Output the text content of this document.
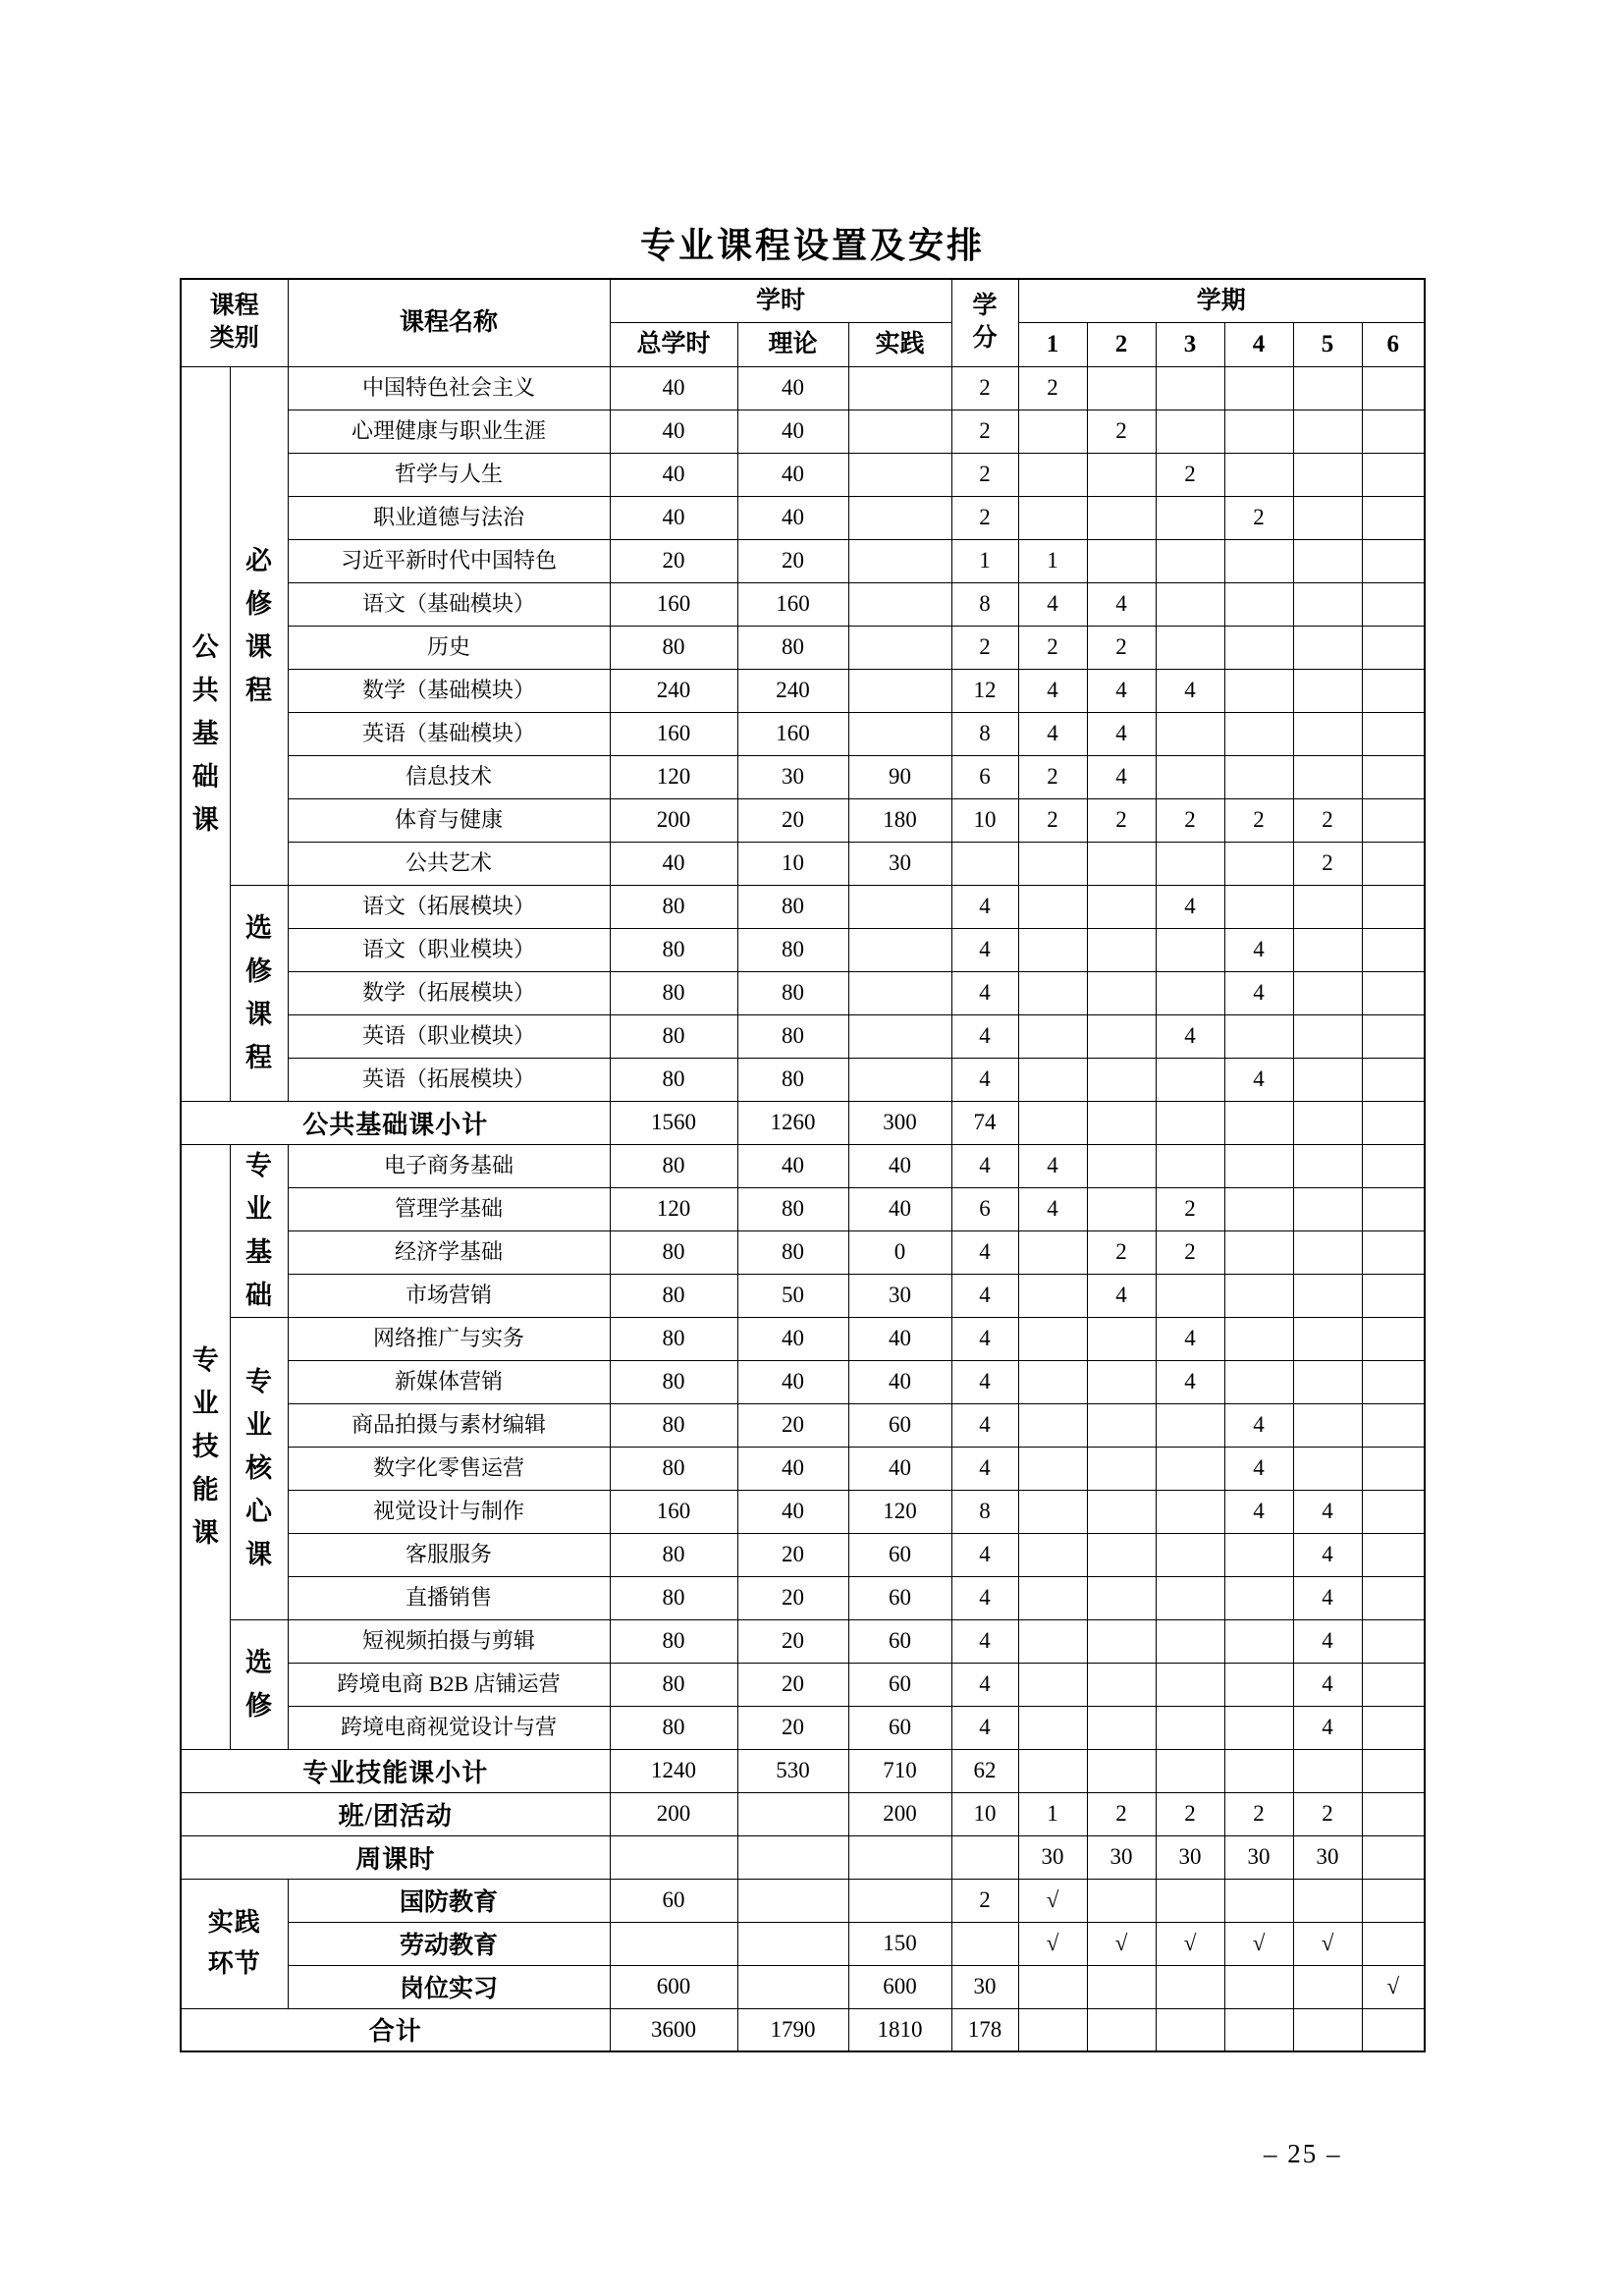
专业课程设置及安排
课程类别		课程名称	学时			学分	学期					
			总学时	理论	实践		1	2	3	4	5	6

公
共
基
础
课	必
修
课
程	中国特色社会主义	40	40		2	2					
		心理健康与职业生涯	40	40		2		2				
		哲学与人生	40	40		2			2			
		职业道德与法治	40	40		2				2		
		习近平新时代中国特色	20	20		1	1					
		语文（基础模块）	160	160		8	4	4				
		历史	80	80		2	2	2				
		数学（基础模块）	240	240		12	4	4	4			
		英语（基础模块）	160	160		8	4	4				
		信息技术	120	30	90	6	2	4				
		体育与健康	200	20	180	10	2	2	2	2	2	
		公共艺术	40	10	30						2	

	选
修
课
程	语文（拓展模块）	80	80		4			4			
		语文（职业模块）	80	80		4				4		
		数学（拓展模块）	80	80		4				4		
		英语（职业模块）	80	80		4			4			
		英语（拓展模块）	80	80		4				4		
公共基础课小计			1560	1260	300	74						

专
业
技
能
课	专
业
基
础	电子商务基础	80	40	40	4	4					
		管理学基础	120	80	40	6	4		2			
		经济学基础	80	80	0	4		2	2			
		市场营销	80	50	30	4		4				

	专
业
核
心
课	网络推广与实务	80	40	40	4			4			
		新媒体营销	80	40	40	4			4			
		商品拍摄与素材编辑	80	20	60	4				4		
		数字化零售运营	80	40	40	4				4		
		视觉设计与制作	160	40	120	8				4	4	
		客服服务	80	20	60	4					4	
		直播销售	80	20	60	4					4	

	选
修	短视频拍摄与剪辑	80	20	60	4					4	
		跨境电商 B2B 店铺运营	80	20	60	4					4	
		跨境电商视觉设计与营	80	20	60	4					4	
专业技能课小计			1240	530	710	62						
班/团活动			200		200	10	1	2	2	2	2	
周课时							30	30	30	30	30	
实践环节		国防教育	60			2	√					
		劳动教育			150		√	√	√	√	√	
		岗位实习	600		600	30						√
合计			3600	1790	1810	178						
– 25 –
